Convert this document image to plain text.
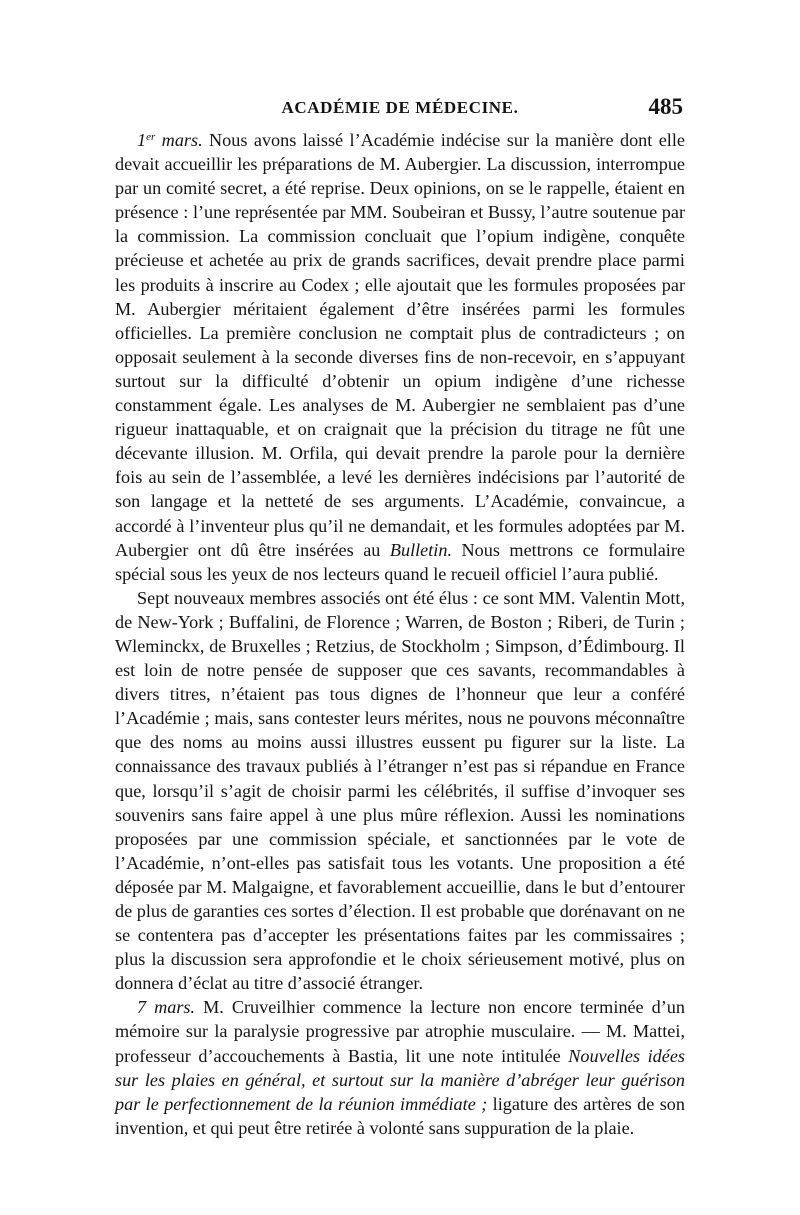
ACADÉMIE DE MÉDECINE.	485

1er mars. Nous avons laissé l’Académie indécise sur la manière dont elle devait accueillir les préparations de M. Aubergier. La discussion, interrompue par un comité secret, a été reprise. Deux opinions, on se le rappelle, étaient en présence : l’une représentée par MM. Soubeiran et Bussy, l’autre soutenue par la commission. La commission concluait que l’opium indigène, conquête précieuse et achetée au prix de grands sacrifices, devait prendre place parmi les produits à inscrire au Codex ; elle ajoutait que les formules proposées par M. Aubergier méritaient également d’être insérées parmi les formules officielles. La première conclusion ne comptait plus de contradicteurs ; on opposait seulement à la seconde diverses fins de non-recevoir, en s’appuyant surtout sur la difficulté d’obtenir un opium indigène d’une richesse constamment égale. Les analyses de M. Aubergier ne semblaient pas d’une rigueur inattaquable, et on craignait que la précision du titrage ne fût une décevante illusion. M. Orfila, qui devait prendre la parole pour la dernière fois au sein de l’assemblée, a levé les dernières indécisions par l’autorité de son langage et la netteté de ses arguments. L’Académie, convaincue, a accordé à l’inventeur plus qu’il ne demandait, et les formules adoptées par M. Aubergier ont dû être insérées au Bulletin. Nous mettrons ce formulaire spécial sous les yeux de nos lecteurs quand le recueil officiel l’aura publié.

Sept nouveaux membres associés ont été élus : ce sont MM. Valentin Mott, de New-York ; Buffalini, de Florence ; Warren, de Boston ; Riberi, de Turin ; Wleminckx, de Bruxelles ; Retzius, de Stockholm ; Simpson, d’Édimbourg. Il est loin de notre pensée de supposer que ces savants, recommandables à divers titres, n’étaient pas tous dignes de l’honneur que leur a conféré l’Académie ; mais, sans contester leurs mérites, nous ne pouvons méconnaître que des noms au moins aussi illustres eussent pu figurer sur la liste. La connaissance des travaux publiés à l’étranger n’est pas si répandue en France que, lorsqu’il s’agit de choisir parmi les célébrités, il suffise d’invoquer ses souvenirs sans faire appel à une plus mûre réflexion. Aussi les nominations proposées par une commission spéciale, et sanctionnées par le vote de l’Académie, n’ont-elles pas satisfait tous les votants. Une proposition a été déposée par M. Malgaigne, et favorablement accueillie, dans le but d’entourer de plus de garanties ces sortes d’élection. Il est probable que dorénavant on ne se contentera pas d’accepter les présentations faites par les commissaires ; plus la discussion sera approfondie et le choix sérieusement motivé, plus on donnera d’éclat au titre d’associé étranger.

7 mars. M. Cruveilhier commence la lecture non encore terminée d’un mémoire sur la paralysie progressive par atrophie musculaire. — M. Mattei, professeur d’accouchements à Bastia, lit une note intitulée Nouvelles idées sur les plaies en général, et surtout sur la manière d’abréger leur guérison par le perfectionnement de la réunion immédiate ; ligature des artères de son invention, et qui peut être retirée à volonté sans suppuration de la plaie.
